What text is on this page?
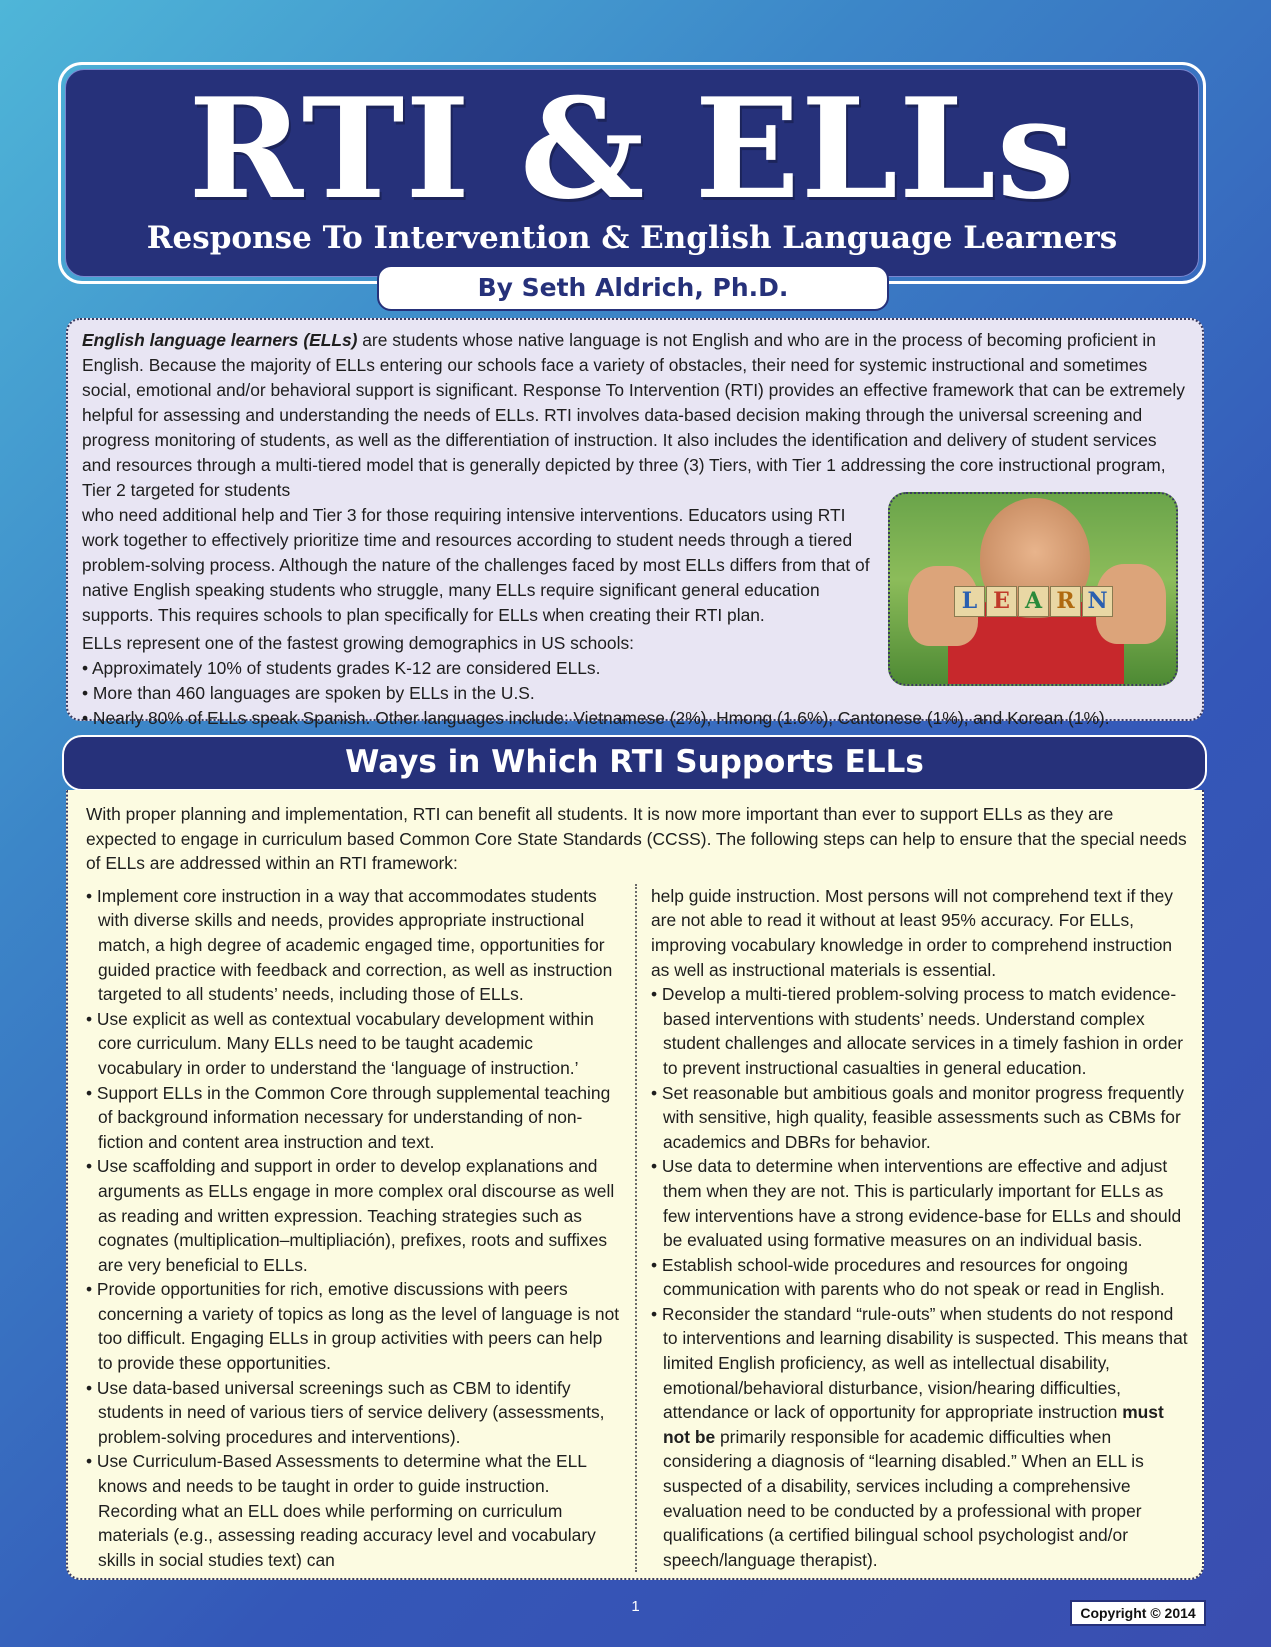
RTI & ELLs
Response To Intervention & English Language Learners
By Seth Aldrich, Ph.D.

English language learners (ELLs) are students whose native language is not English and who are in the process of becoming proficient in English. Because the majority of ELLs entering our schools face a variety of obstacles, their need for systemic instructional and sometimes social, emotional and/or behavioral support is significant. Response To Intervention (RTI) provides an effective framework that can be extremely helpful for assessing and understanding the needs of ELLs. RTI involves data-based decision making through the universal screening and progress monitoring of students, as well as the differentiation of instruction. It also includes the identification and delivery of student services and resources through a multi-tiered model that is generally depicted by three (3) Tiers, with Tier 1 addressing the core instructional program, Tier 2 targeted for students

who need additional help and Tier 3 for those requiring intensive interventions. Educators using RTI work together to effectively prioritize time and resources according to student needs through a tiered problem-solving process. Although the nature of the challenges faced by most ELLs differs from that of native English speaking students who struggle, many ELLs require significant general education supports. This requires schools to plan specifically for ELLs when creating their RTI plan.

ELLs represent one of the fastest growing demographics in US schools:

• Approximately 10% of students grades K-12 are considered ELLs.

• More than 460 languages are spoken by ELLs in the U.S.

• Nearly 80% of ELLs speak Spanish. Other languages include: Vietnamese (2%), Hmong (1.6%), Cantonese (1%), and Korean (1%).

L E A R N
Ways in Which RTI Supports ELLs

With proper planning and implementation, RTI can benefit all students. It is now more important than ever to support ELLs as they are expected to engage in curriculum based Common Core State Standards (CCSS). The following steps can help to ensure that the special needs of ELLs are addressed within an RTI framework:

• Implement core instruction in a way that accommodates students with diverse skills and needs, provides appropriate instructional match, a high degree of academic engaged time, opportunities for guided practice with feedback and correction, as well as instruction targeted to all students’ needs, including those of ELLs.
• Use explicit as well as contextual vocabulary development within core curriculum. Many ELLs need to be taught academic vocabulary in order to understand the ‘language of instruction.’
• Support ELLs in the Common Core through supplemental teaching of background information necessary for understanding of non-fiction and content area instruction and text.
• Use scaffolding and support in order to develop explanations and arguments as ELLs engage in more complex oral discourse as well as reading and written expression. Teaching strategies such as cognates (multiplication–multipliación), prefixes, roots and suffixes are very beneficial to ELLs.
• Provide opportunities for rich, emotive discussions with peers concerning a variety of topics as long as the level of language is not too difficult. Engaging ELLs in group activities with peers can help to provide these opportunities.
• Use data-based universal screenings such as CBM to identify students in need of various tiers of service delivery (assessments, problem-solving procedures and interventions).
• Use Curriculum-Based Assessments to determine what the ELL knows and needs to be taught in order to guide instruction. Recording what an ELL does while performing on curriculum materials (e.g., assessing reading accuracy level and vocabulary skills in social studies text) can
help guide instruction. Most persons will not comprehend text if they are not able to read it without at least 95% accuracy. For ELLs, improving vocabulary knowledge in order to comprehend instruction as well as instructional materials is essential.
• Develop a multi-tiered problem-solving process to match evidence-based interventions with students’ needs. Understand complex student challenges and allocate services in a timely fashion in order to prevent instructional casualties in general education.
• Set reasonable but ambitious goals and monitor progress frequently with sensitive, high quality, feasible assessments such as CBMs for academics and DBRs for behavior.
• Use data to determine when interventions are effective and adjust them when they are not. This is particularly important for ELLs as few interventions have a strong evidence-base for ELLs and should be evaluated using formative measures on an individual basis.
• Establish school-wide procedures and resources for ongoing communication with parents who do not speak or read in English.
• Reconsider the standard “rule-outs” when students do not respond to interventions and learning disability is suspected. This means that limited English proficiency, as well as intellectual disability, emotional/behavioral disturbance, vision/hearing difficulties, attendance or lack of opportunity for appropriate instruction must not be primarily responsible for academic difficulties when considering a diagnosis of “learning disabled.” When an ELL is suspected of a disability, services including a comprehensive evaluation need to be conducted by a professional with proper qualifications (a certified bilingual school psychologist and/or speech/language therapist).
1	Copyright © 2014
